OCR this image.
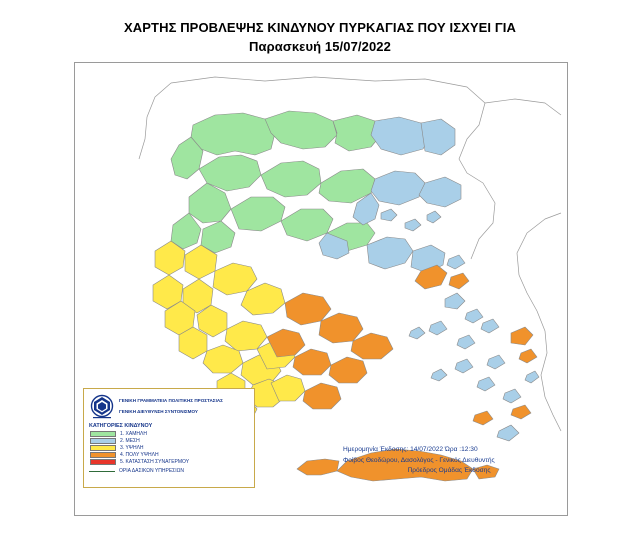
ΧΑΡΤΗΣ ΠΡΟΒΛΕΨΗΣ ΚΙΝΔΥΝΟΥ ΠΥΡΚΑΓΙΑΣ ΠΟΥ ΙΣΧΥΕΙ ΓΙΑ
Παρασκευή 15/07/2022
ΓΕΝΙΚΗ ΓΡΑΜΜΑΤΕΙΑ ΠΟΛΙΤΙΚΗΣ ΠΡΟΣΤΑΣΙΑΣ
ΓΕΝΙΚΗ ΔΙΕΥΘΥΝΣΗ ΣΥΝΤΟΝΙΣΜΟΥ
ΚΑΤΗΓΟΡΙΕΣ ΚΙΝΔΥΝΟΥ
1. ΧΑΜΗΛΗ
2. ΜΕΣΗ
3. ΥΨΗΛΗ
4. ΠΟΛΥ ΥΨΗΛΗ
5. ΚΑΤΑΣΤΑΣΗ ΣΥΝΑΓΕΡΜΟΥ
ΟΡΙΑ ΔΑΣΙΚΩΝ ΥΠΗΡΕΣΙΩΝ
Ημερομηνία Έκδοσης: 14/07/2022 Ώρα :12:30
Φοίβος Θεοδώρου, Δασολόγος - Γενικός Διευθυντής
Πρόεδρος Ομάδας Έκδοσης
